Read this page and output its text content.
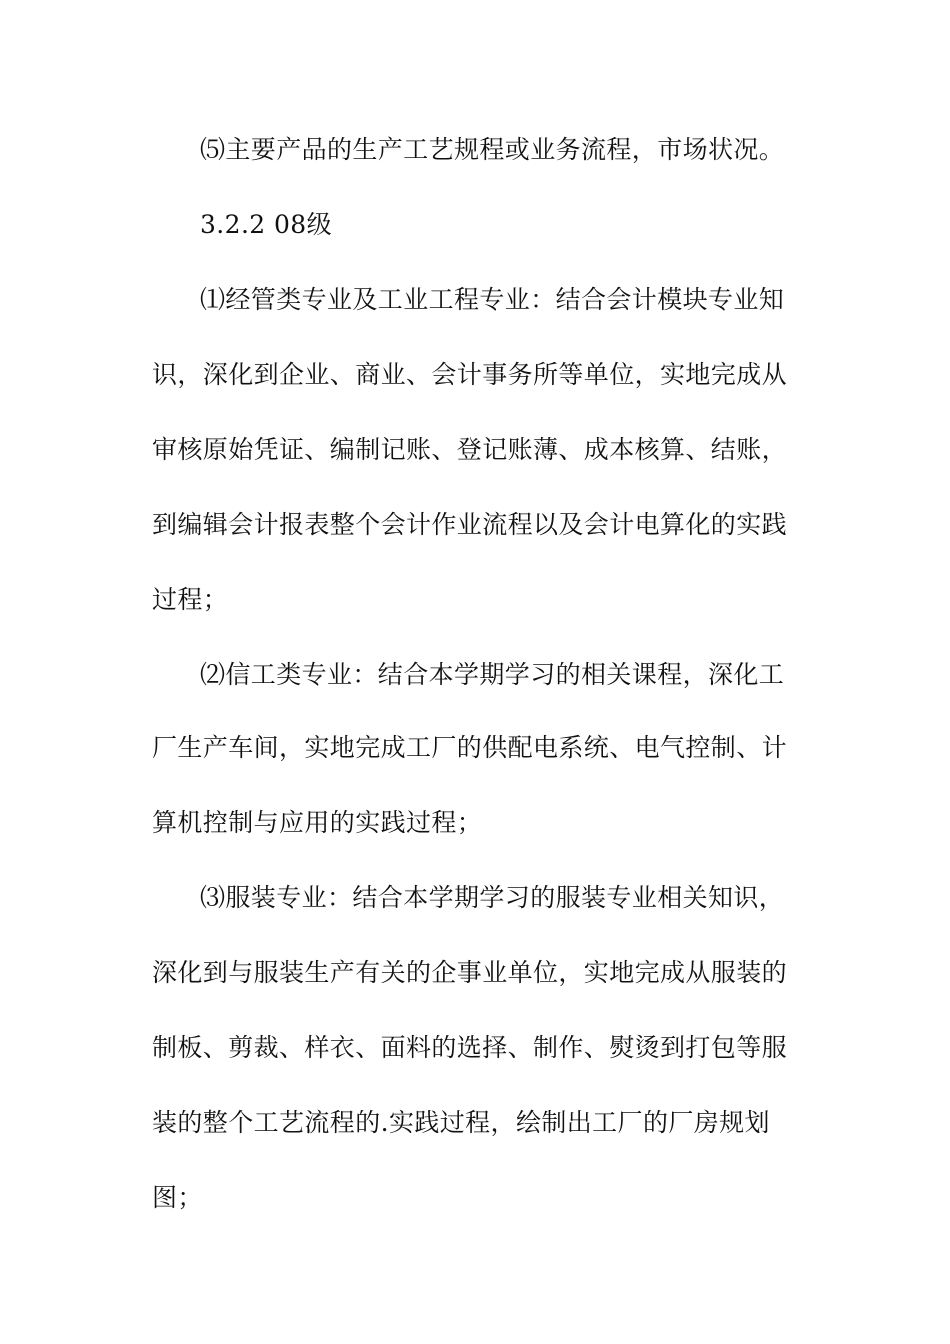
⑸主要产品的生产工艺规程或业务流程，市场状况。
3.2.2 08级
⑴经管类专业及工业工程专业：结合会计模块专业知
识，深化到企业、商业、会计事务所等单位，实地完成从
审核原始凭证、编制记账、登记账薄、成本核算、结账，
到编辑会计报表整个会计作业流程以及会计电算化的实践
过程；
⑵信工类专业：结合本学期学习的相关课程，深化工
厂生产车间，实地完成工厂的供配电系统、电气控制、计
算机控制与应用的实践过程；
⑶服装专业：结合本学期学习的服装专业相关知识，
深化到与服装生产有关的企事业单位，实地完成从服装的
制板、剪裁、样衣、面料的选择、制作、熨烫到打包等服
装的整个工艺流程的.实践过程，绘制出工厂的厂房规划
图；
